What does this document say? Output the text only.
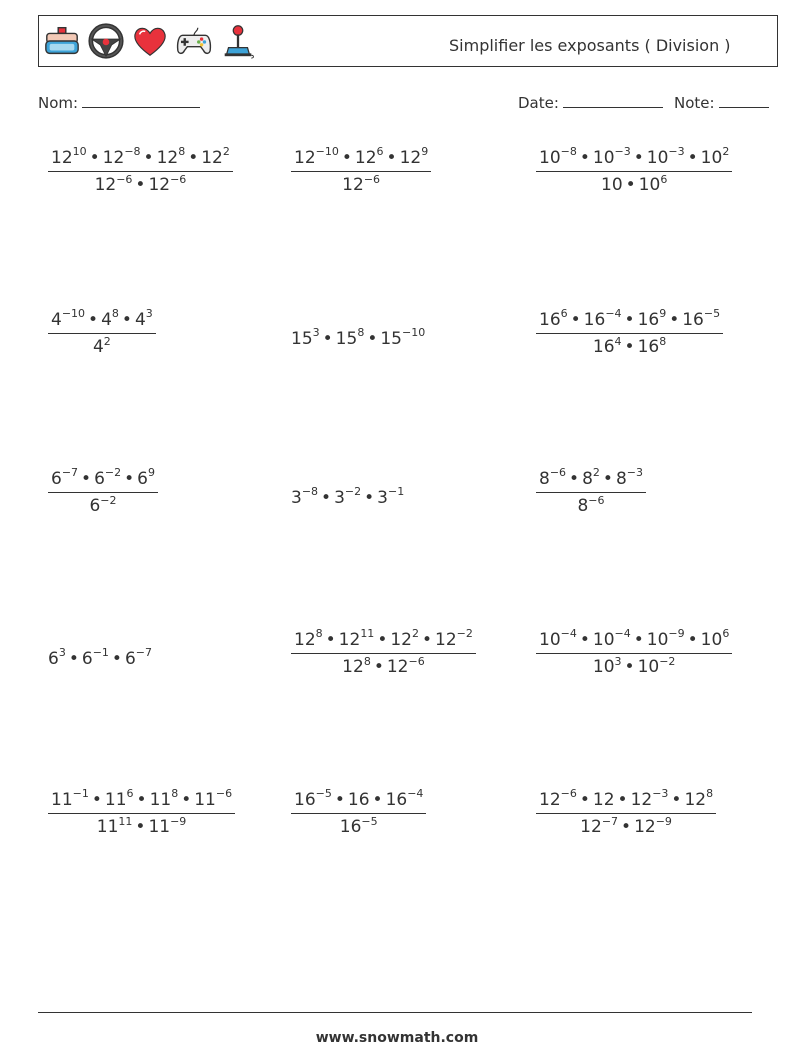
Simplifier les exposants ( Division )
Nom:	Date:	Note:
$\frac{12^{10} • 12^{-8} • 12^8 • 12^2}{12^{-6} • 12^{-6}}$	$\frac{12^{-10} • 12^6 • 12^9}{12^{-6}}$	$\frac{10^{-8} • 10^{-3} • 10^{-3} • 10^2}{10 • 10^6}$
$\frac{4^{-10} • 4^8 • 4^3}{4^2}$	$15^3$ • $15^8$ • $15^{-10}$	$\frac{16^6 • 16^{-4} • 16^9 • 16^{-5}}{16^4 • 16^8}$
$\frac{6^{-7} • 6^{-2} • 6^9}{6^{-2}}$	$3^{-8}$ • $3^{-2}$ • $3^{-1}$	$\frac{8^{-6} • 8^2 • 8^{-3}}{8^{-6}}$
$6^3$ • $6^{-1}$ • $6^{-7}$	$\frac{12^8 • 12^{11} • 12^2 • 12^{-2}}{12^8 • 12^{-6}}$	$\frac{10^{-4} • 10^{-4} • 10^{-9} • 10^6}{10^3 • 10^{-2}}$
$\frac{11^{-1} • 11^6 • 11^8 • 11^{-6}}{11^{11} • 11^{-9}}$	$\frac{16^{-5} • 16 • 16^{-4}}{16^{-5}}$	$\frac{12^{-6} • 12 • 12^{-3} • 12^8}{12^{-7} • 12^{-9}}$
www.snowmath.com
